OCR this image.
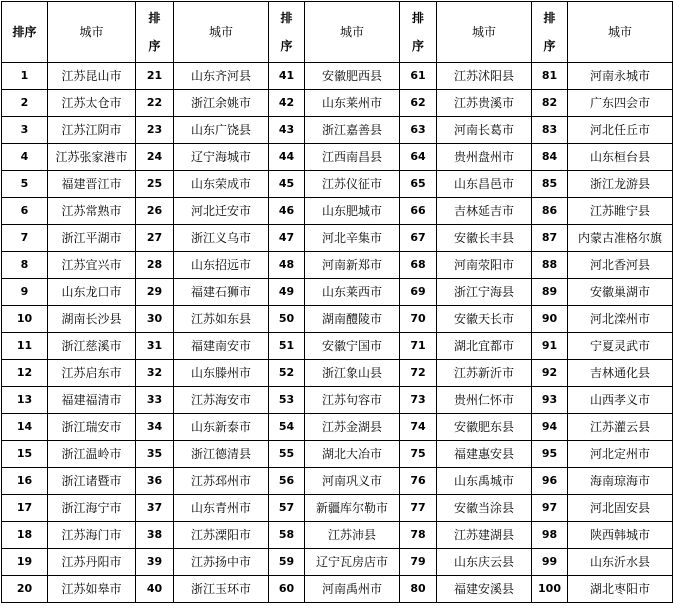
排序	城市	排序	城市	排序	城市	排序	城市	排序	城市
1	江苏昆山市	21	山东齐河县	41	安徽肥西县	61	江苏沭阳县	81	河南永城市
2	江苏太仓市	22	浙江余姚市	42	山东莱州市	62	江苏贵溪市	82	广东四会市
3	江苏江阴市	23	山东广饶县	43	浙江嘉善县	63	河南长葛市	83	河北任丘市
4	江苏张家港市	24	辽宁海城市	44	江西南昌县	64	贵州盘州市	84	山东桓台县
5	福建晋江市	25	山东荣成市	45	江苏仪征市	65	山东昌邑市	85	浙江龙游县
6	江苏常熟市	26	河北迁安市	46	山东肥城市	66	吉林延吉市	86	江苏睢宁县
7	浙江平湖市	27	浙江义乌市	47	河北辛集市	67	安徽长丰县	87	内蒙古准格尔旗
8	江苏宜兴市	28	山东招远市	48	河南新郑市	68	河南荥阳市	88	河北香河县
9	山东龙口市	29	福建石狮市	49	山东莱西市	69	浙江宁海县	89	安徽巢湖市
10	湖南长沙县	30	江苏如东县	50	湖南醴陵市	70	安徽天长市	90	河北滦州市
11	浙江慈溪市	31	福建南安市	51	安徽宁国市	71	湖北宜都市	91	宁夏灵武市
12	江苏启东市	32	山东滕州市	52	浙江象山县	72	江苏新沂市	92	吉林通化县
13	福建福清市	33	江苏海安市	53	江苏句容市	73	贵州仁怀市	93	山西孝义市
14	浙江瑞安市	34	山东新泰市	54	江苏金湖县	74	安徽肥东县	94	江苏灌云县
15	浙江温岭市	35	浙江德清县	55	湖北大冶市	75	福建惠安县	95	河北定州市
16	浙江诸暨市	36	江苏邳州市	56	河南巩义市	76	山东禹城市	96	海南琼海市
17	浙江海宁市	37	山东青州市	57	新疆库尔勒市	77	安徽当涂县	97	河北固安县
18	江苏海门市	38	江苏溧阳市	58	江苏沛县	78	江苏建湖县	98	陕西韩城市
19	江苏丹阳市	39	江苏扬中市	59	辽宁瓦房店市	79	山东庆云县	99	山东沂水县
20	江苏如皋市	40	浙江玉环市	60	河南禹州市	80	福建安溪县	100	湖北枣阳市
